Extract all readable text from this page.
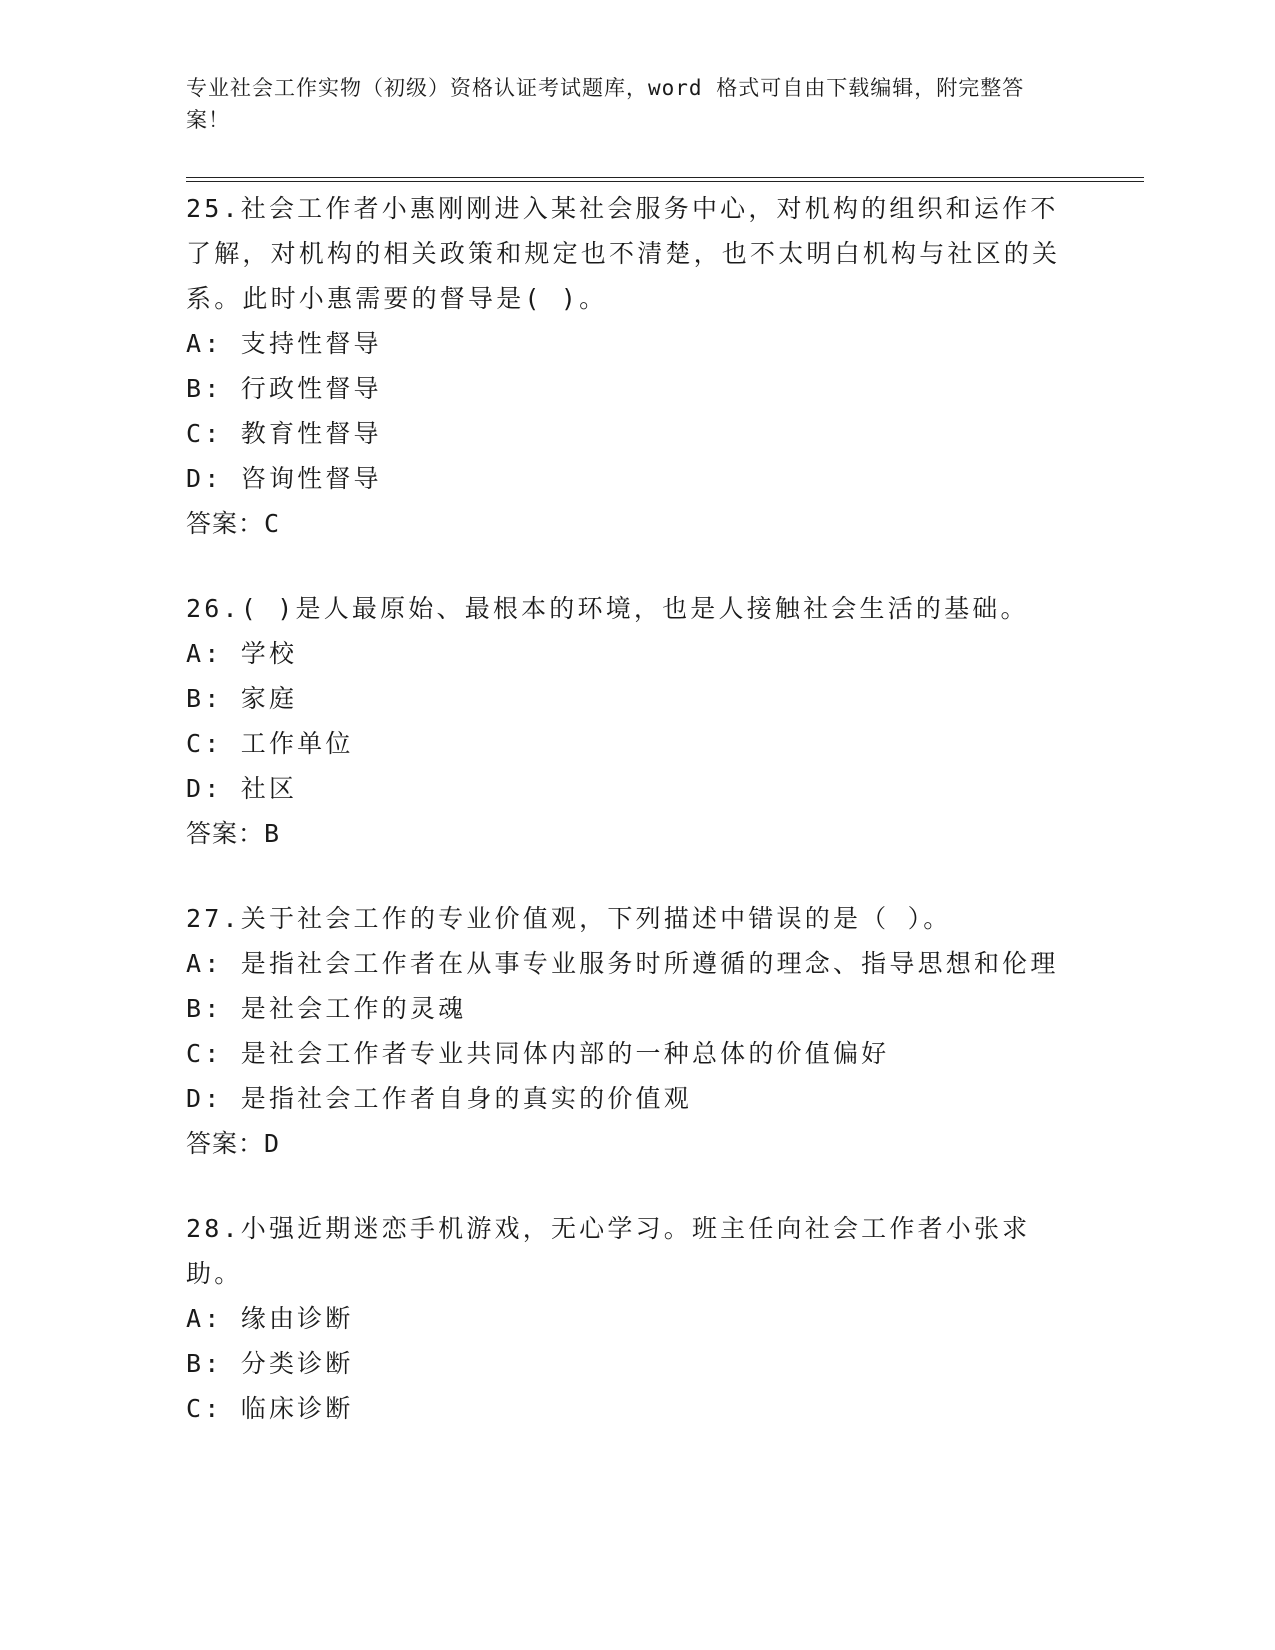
专业社会工作实物（初级）资格认证考试题库，word 格式可自由下载编辑，附完整答案！

25.社会工作者小惠刚刚进入某社会服务中心，对机构的组织和运作不了解，对机构的相关政策和规定也不清楚，也不太明白机构与社区的关系。此时小惠需要的督导是( )。

A: 支持性督导

B: 行政性督导

C: 教育性督导

D: 咨询性督导

答案：C

26.( )是人最原始、最根本的环境，也是人接触社会生活的基础。

A: 学校

B: 家庭

C: 工作单位

D: 社区

答案：B

27.关于社会工作的专业价值观，下列描述中错误的是（ ）。

A: 是指社会工作者在从事专业服务时所遵循的理念、指导思想和伦理

B: 是社会工作的灵魂

C: 是社会工作者专业共同体内部的一种总体的价值偏好

D: 是指社会工作者自身的真实的价值观

答案：D

28.小强近期迷恋手机游戏，无心学习。班主任向社会工作者小张求助。

A: 缘由诊断

B: 分类诊断

C: 临床诊断
